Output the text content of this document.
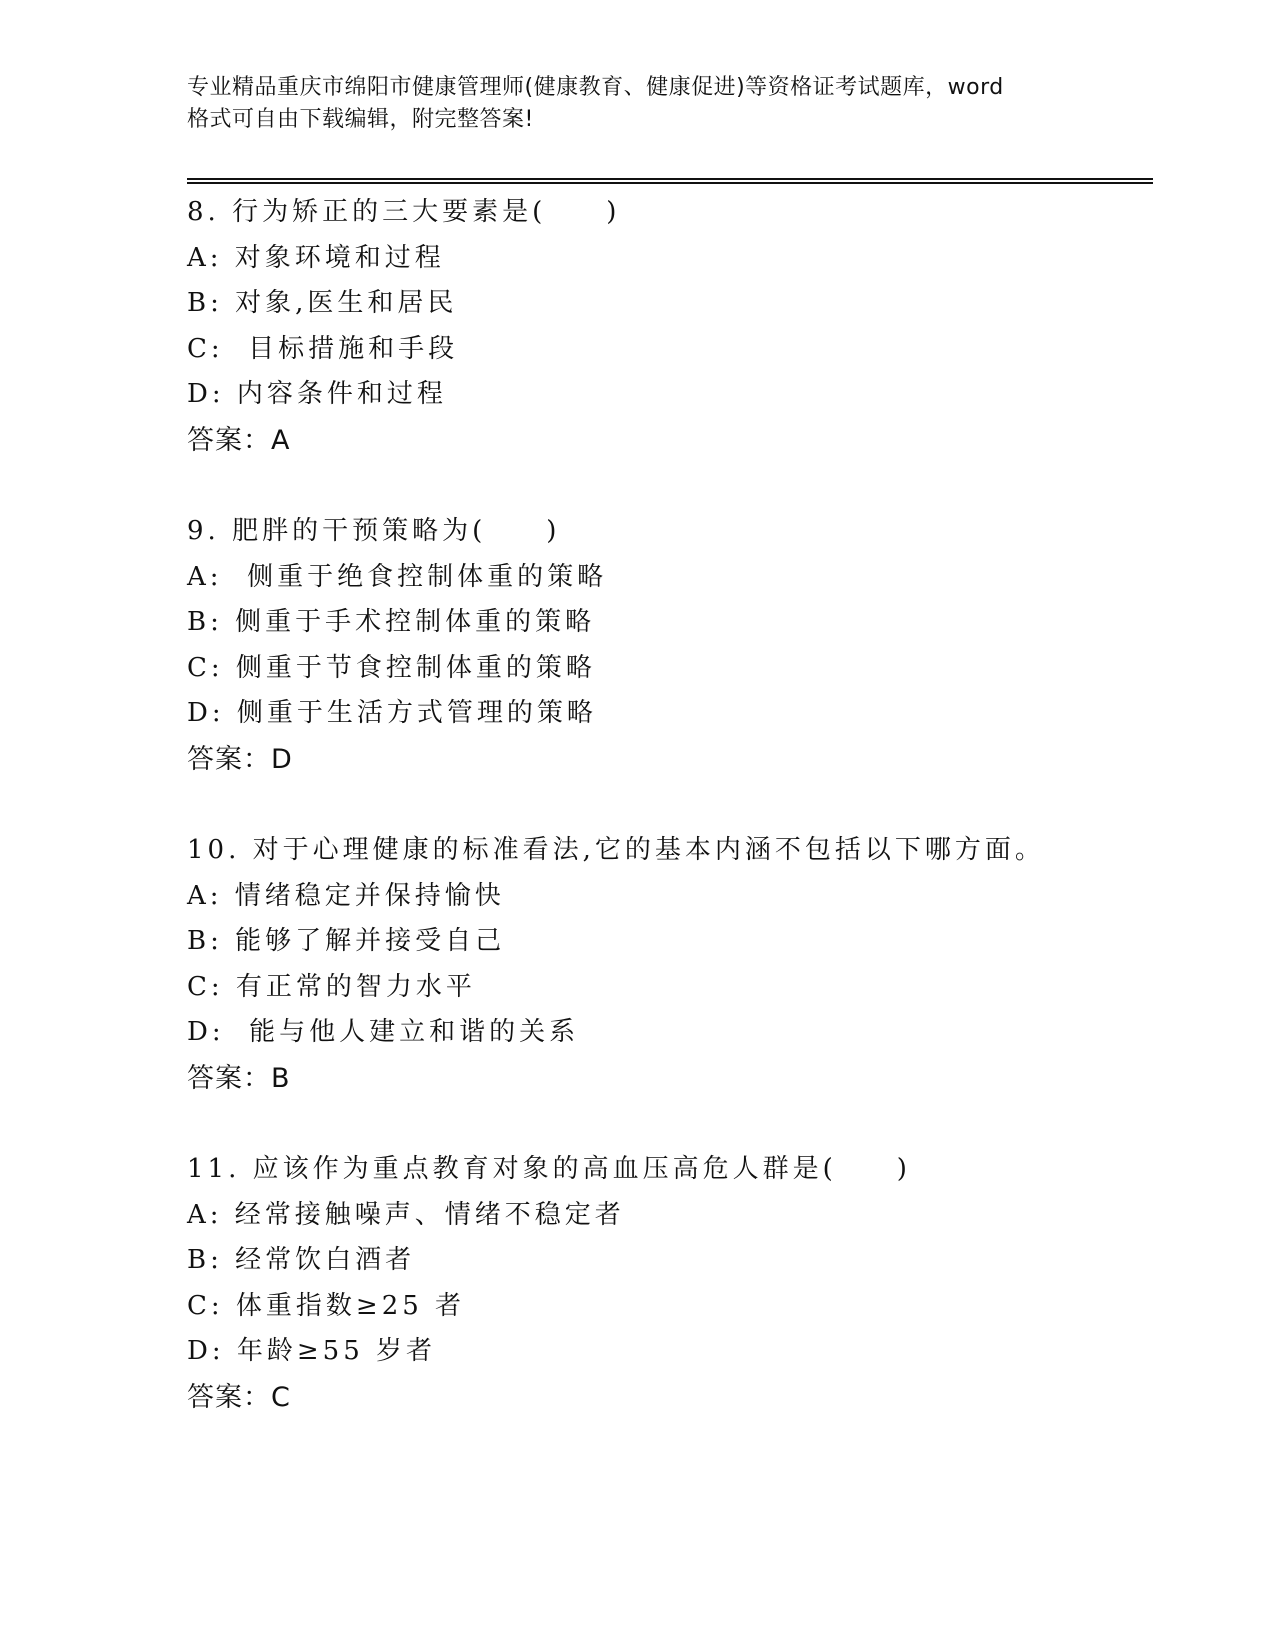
专业精品重庆市绵阳市健康管理师(健康教育、健康促进)等资格证考试题库，word
格式可自由下载编辑，附完整答案!
8. 行为矫正的三大要素是(　　)
A: 对象环境和过程
B: 对象,医生和居民
C:  目标措施和手段
D: 内容条件和过程
答案：A
9. 肥胖的干预策略为(　　)
A:  侧重于绝食控制体重的策略
B: 侧重于手术控制体重的策略
C: 侧重于节食控制体重的策略
D: 侧重于生活方式管理的策略
答案：D
10. 对于心理健康的标准看法,它的基本内涵不包括以下哪方面。
A: 情绪稳定并保持愉快
B: 能够了解并接受自己
C: 有正常的智力水平
D:  能与他人建立和谐的关系
答案：B
11. 应该作为重点教育对象的高血压高危人群是(　　)
A: 经常接触噪声、情绪不稳定者
B: 经常饮白酒者
C: 体重指数≥25 者
D: 年龄≥55 岁者
答案：C
